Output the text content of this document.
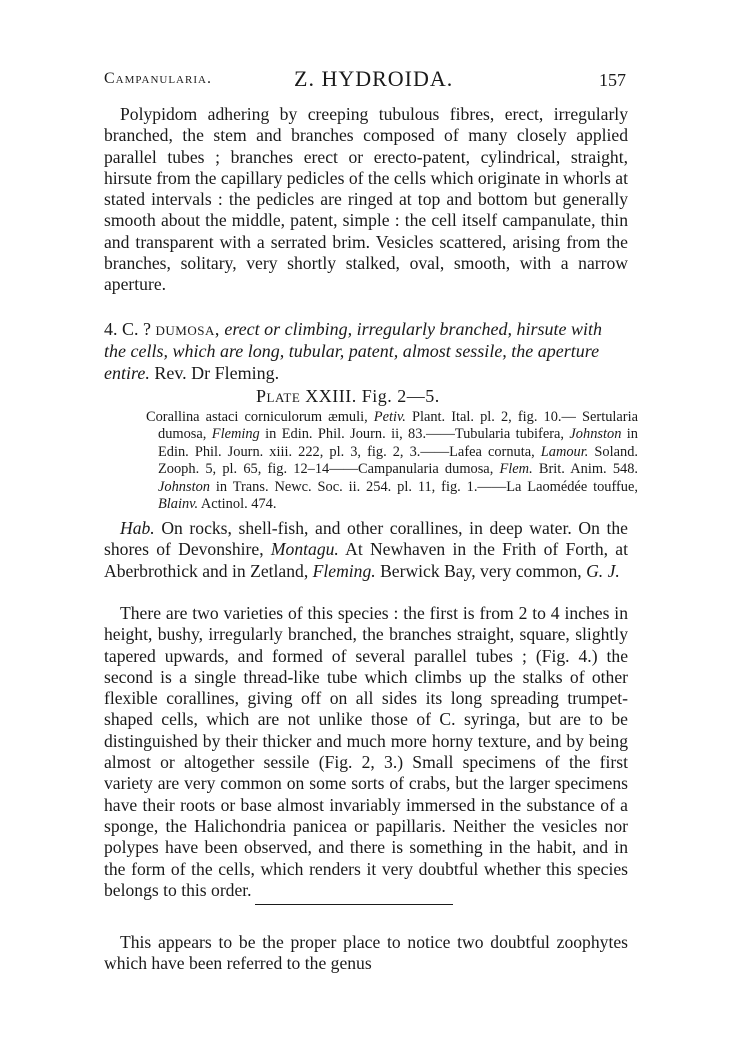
Campanularia.	Z. HYDROIDA.	157

Polypidom adhering by creeping tubulous fibres, erect, irregularly branched, the stem and branches composed of many closely applied parallel tubes ; branches erect or erecto-patent, cylindrical, straight, hirsute from the capillary pedicles of the cells which originate in whorls at stated intervals : the pedicles are ringed at top and bottom but generally smooth about the middle, patent, simple : the cell itself campanulate, thin and transparent with a serrated brim. Vesicles scattered, arising from the branches, solitary, very shortly stalked, oval, smooth, with a narrow aperture.

4. C. ? dumosa, erect or climbing, irregularly branched, hirsute with the cells, which are long, tubular, patent, almost sessile, the aperture entire. Rev. Dr Fleming.

Plate XXIII. Fig. 2—5.

Corallina astaci corniculorum æmuli, Petiv. Plant. Ital. pl. 2, fig. 10.— Sertularia dumosa, Fleming in Edin. Phil. Journ. ii, 83.——Tubularia tubifera, Johnston in Edin. Phil. Journ. xiii. 222, pl. 3, fig. 2, 3.——Lafea cornuta, Lamour. Soland. Zooph. 5, pl. 65, fig. 12–14——Campanularia dumosa, Flem. Brit. Anim. 548. Johnston in Trans. Newc. Soc. ii. 254. pl. 11, fig. 1.——La Laomédée touffue, Blainv. Actinol. 474.

Hab. On rocks, shell-fish, and other corallines, in deep water. On the shores of Devonshire, Montagu. At Newhaven in the Frith of Forth, at Aberbrothick and in Zetland, Fleming. Berwick Bay, very common, G. J.

There are two varieties of this species : the first is from 2 to 4 inches in height, bushy, irregularly branched, the branches straight, square, slightly tapered upwards, and formed of several parallel tubes ; (Fig. 4.) the second is a single thread-like tube which climbs up the stalks of other flexible corallines, giving off on all sides its long spreading trumpet-shaped cells, which are not unlike those of C. syringa, but are to be distinguished by their thicker and much more horny texture, and by being almost or altogether sessile (Fig. 2, 3.) Small specimens of the first variety are very common on some sorts of crabs, but the larger specimens have their roots or base almost invariably immersed in the substance of a sponge, the Halichondria panicea or papillaris. Neither the vesicles nor polypes have been observed, and there is something in the habit, and in the form of the cells, which renders it very doubtful whether this species belongs to this order.

This appears to be the proper place to notice two doubtful zoophytes which have been referred to the genus
